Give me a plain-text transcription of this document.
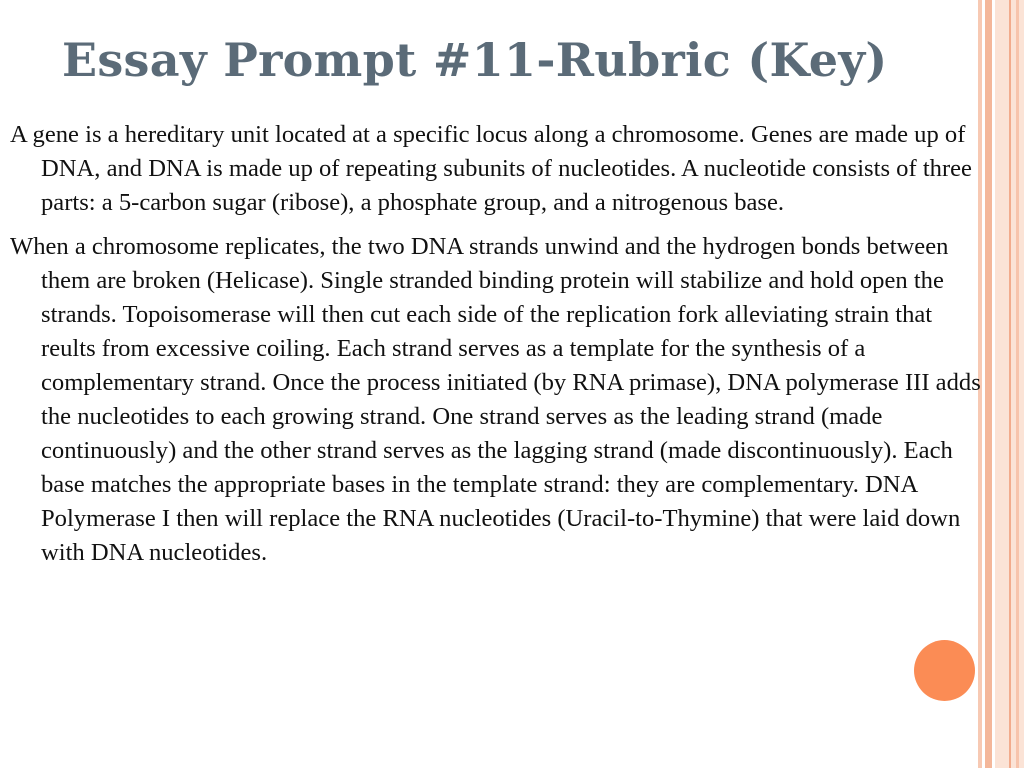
Essay Prompt #11-Rubric (Key)

A gene is a hereditary unit located at a specific locus along a chromosome. Genes are made up of DNA, and DNA is made up of repeating subunits of nucleotides. A nucleotide consists of three parts: a 5-carbon sugar (ribose), a phosphate group, and a nitrogenous base.

When a chromosome replicates, the two DNA strands unwind and the hydrogen bonds between them are broken (Helicase). Single stranded binding protein will stabilize and hold open the strands. Topoisomerase will then cut each side of the replication fork alleviating strain that reults from excessive coiling. Each strand serves as a template for the synthesis of a complementary strand. Once the process initiated (by RNA primase), DNA polymerase III adds the nucleotides to each growing strand. One strand serves as the leading strand (made continuously) and the other strand serves as the lagging strand (made discontinuously). Each base matches the appropriate bases in the template strand: they are complementary. DNA Polymerase I then will replace the RNA nucleotides (Uracil-to-Thymine) that were laid down with DNA nucleotides.
